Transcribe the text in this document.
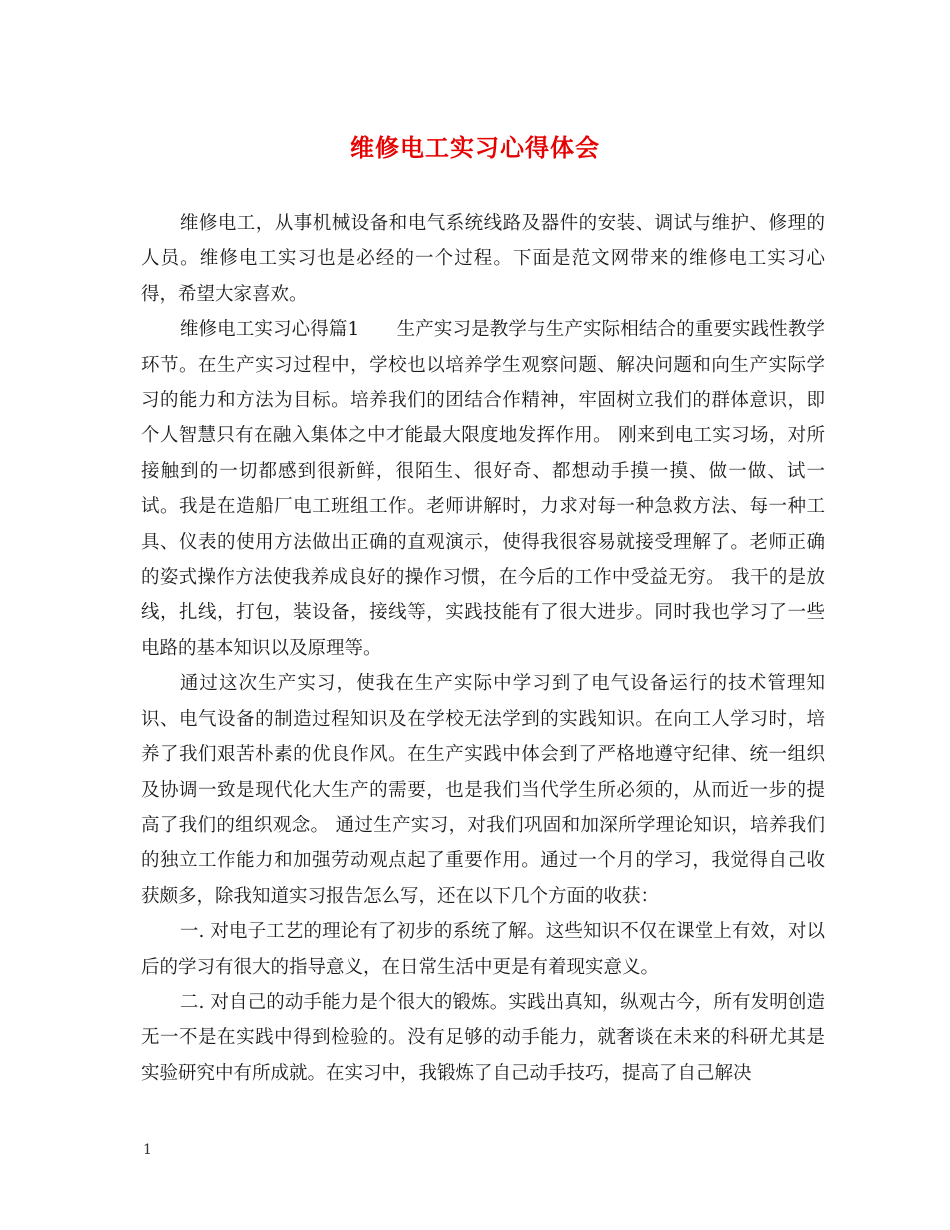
维修电工实习心得体会

维修电工，从事机械设备和电气系统线路及器件的安装、调试与维护、修理的人员。维修电工实习也是必经的一个过程。下面是范文网带来的维修电工实习心得，希望大家喜欢。

维修电工实习心得篇1　　生产实习是教学与生产实际相结合的重要实践性教学环节。在生产实习过程中，学校也以培养学生观察问题、解决问题和向生产实际学习的能力和方法为目标。培养我们的团结合作精神，牢固树立我们的群体意识，即个人智慧只有在融入集体之中才能最大限度地发挥作用。 刚来到电工实习场，对所接触到的一切都感到很新鲜，很陌生、很好奇、都想动手摸一摸、做一做、试一试。我是在造船厂电工班组工作。老师讲解时，力求对每一种急救方法、每一种工具、仪表的使用方法做出正确的直观演示，使得我很容易就接受理解了。老师正确的姿式操作方法使我养成良好的操作习惯，在今后的工作中受益无穷。 我干的是放线，扎线，打包，装设备，接线等，实践技能有了很大进步。同时我也学习了一些电路的基本知识以及原理等。

通过这次生产实习，使我在生产实际中学习到了电气设备运行的技术管理知识、电气设备的制造过程知识及在学校无法学到的实践知识。在向工人学习时，培养了我们艰苦朴素的优良作风。在生产实践中体会到了严格地遵守纪律、统一组织及协调一致是现代化大生产的需要，也是我们当代学生所必须的，从而近一步的提高了我们的组织观念。 通过生产实习，对我们巩固和加深所学理论知识，培养我们的独立工作能力和加强劳动观点起了重要作用。通过一个月的学习，我觉得自己收获颇多，除我知道实习报告怎么写，还在以下几个方面的收获：

一. 对电子工艺的理论有了初步的系统了解。这些知识不仅在课堂上有效，对以后的学习有很大的指导意义，在日常生活中更是有着现实意义。

二. 对自己的动手能力是个很大的锻炼。实践出真知，纵观古今，所有发明创造无一不是在实践中得到检验的。没有足够的动手能力，就奢谈在未来的科研尤其是实验研究中有所成就。在实习中，我锻炼了自己动手技巧，提高了自己解决

1
